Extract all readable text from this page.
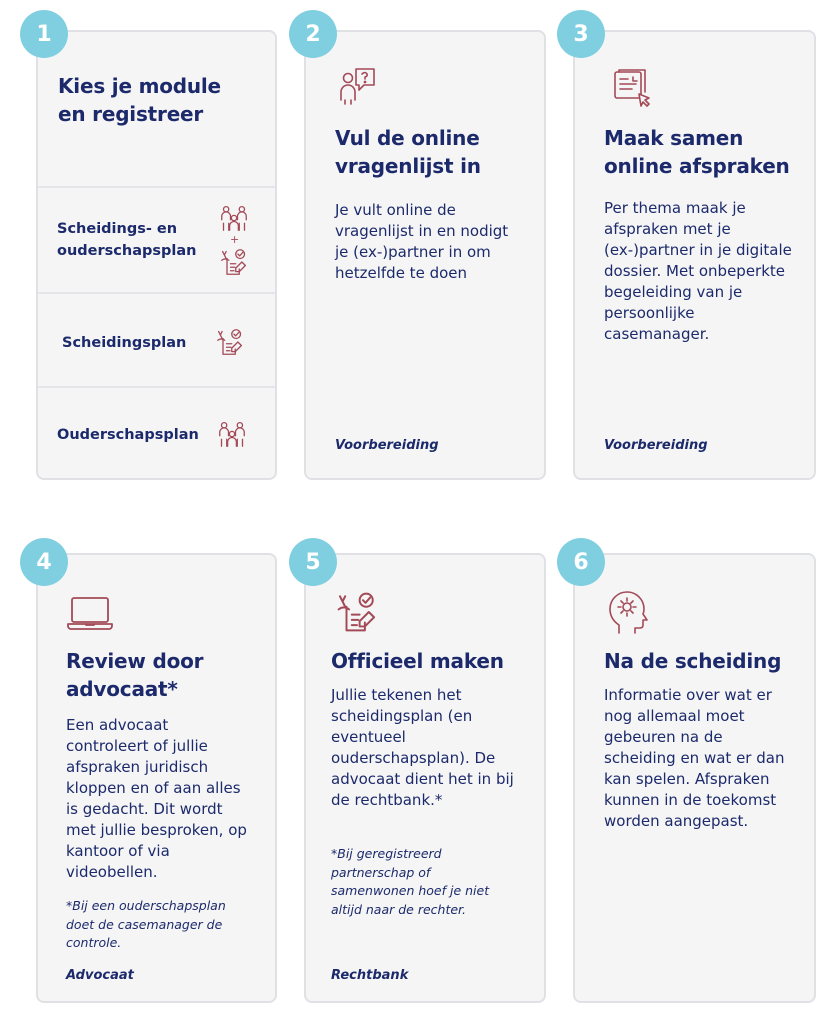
Kies je module
en registreer
Scheidings- en
ouderschapsplan
+
Scheidingsplan
Ouderschapsplan
1
Vul de online
vragenlijst in
Je vult online de
vragenlijst in en nodigt
je (ex-)partner in om
hetzelfde te doen
Voorbereiding
2
Maak samen
online afspraken
Per thema maak je
afspraken met je
(ex-)partner in je digitale
dossier. Met onbeperkte
begeleiding van je
persoonlijke
casemanager.
Voorbereiding
3
Review door
advocaat*
Een advocaat
controleert of jullie
afspraken juridisch
kloppen en of aan alles
is gedacht. Dit wordt
met jullie besproken, op
kantoor of via
videobellen.
*Bij een ouderschapsplan
doet de casemanager de
controle.
Advocaat
4
Officieel maken
Jullie tekenen het
scheidingsplan (en
eventueel
ouderschapsplan). De
advocaat dient het in bij
de rechtbank.*
*Bij geregistreerd
partnerschap of
samenwonen hoef je niet
altijd naar de rechter.
Rechtbank
5
Na de scheiding
Informatie over wat er
nog allemaal moet
gebeuren na de
scheiding en wat er dan
kan spelen. Afspraken
kunnen in de toekomst
worden aangepast.
6
